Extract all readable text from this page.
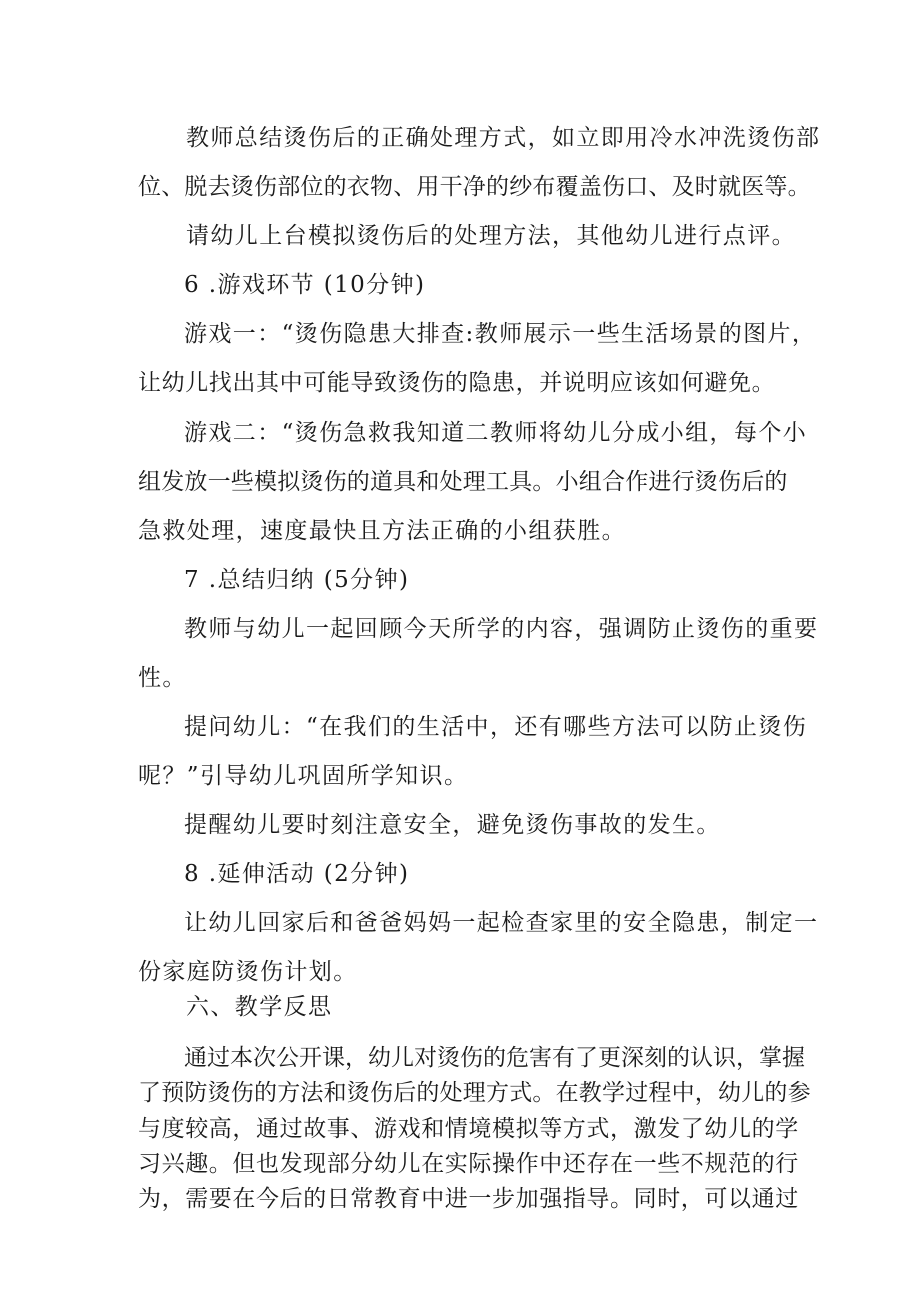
教师总结烫伤后的正确处理方式，如立即用冷水冲洗烫伤部
位、脱去烫伤部位的衣物、用干净的纱布覆盖伤口、及时就医等。
请幼儿上台模拟烫伤后的处理方法，其他幼儿进行点评。
6 .游戏环节 (10分钟)
游戏一：“烫伤隐患大排查:教师展示一些生活场景的图片，
让幼儿找出其中可能导致烫伤的隐患，并说明应该如何避免。
游戏二：“烫伤急救我知道二教师将幼儿分成小组，每个小
组发放一些模拟烫伤的道具和处理工具。小组合作进行烫伤后的
急救处理，速度最快且方法正确的小组获胜。
7 .总结归纳 (5分钟)
教师与幼儿一起回顾今天所学的内容，强调防止烫伤的重要
性。
提问幼儿：“在我们的生活中，还有哪些方法可以防止烫伤
呢？”引导幼儿巩固所学知识。
提醒幼儿要时刻注意安全，避免烫伤事故的发生。
8 .延伸活动 (2分钟)
让幼儿回家后和爸爸妈妈一起检查家里的安全隐患，制定一
份家庭防烫伤计划。
六、教学反思
通过本次公开课，幼儿对烫伤的危害有了更深刻的认识，掌握
了预防烫伤的方法和烫伤后的处理方式。在教学过程中，幼儿的参
与度较高，通过故事、游戏和情境模拟等方式，激发了幼儿的学
习兴趣。但也发现部分幼儿在实际操作中还存在一些不规范的行
为，需要在今后的日常教育中进一步加强指导。同时，可以通过
